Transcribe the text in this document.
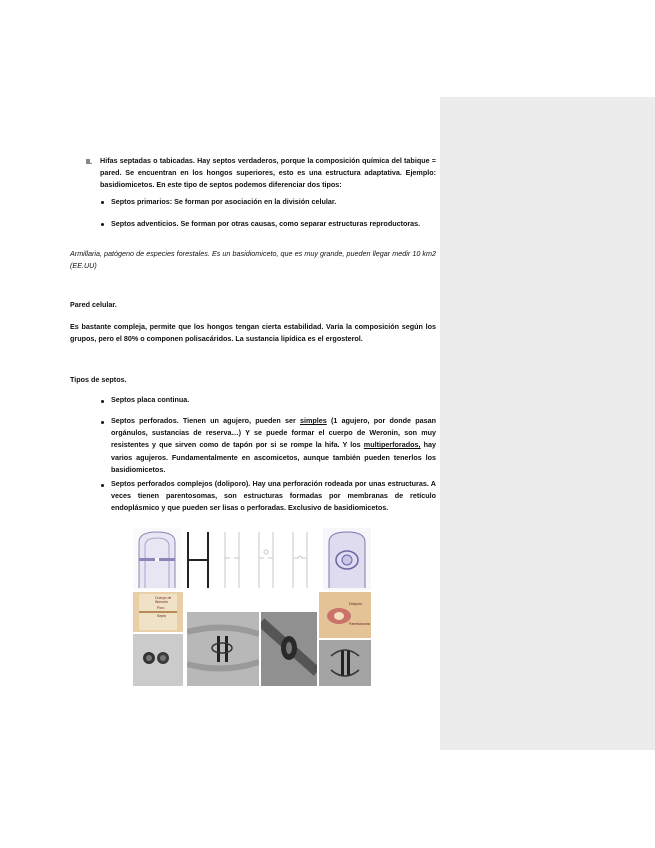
II. Hifas septadas o tabicadas. Hay septos verdaderos, porque la composición química del tabique = pared. Se encuentran en los hongos superiores, esto es una estructura adaptativa. Ejemplo: basidiomicetos. En este tipo de septos podemos diferenciar dos tipos:
Septos primarios: Se forman por asociación en la división celular.
Septos adventicios. Se forman por otras causas, como separar estructuras reproductoras.
Armillaria, patógeno de especies forestales. Es un basidiomiceto, que es muy grande, pueden llegar medir 10 km2 (EE.UU)
Pared celular.
Es bastante compleja, permite que los hongos tengan cierta estabilidad. Varía la composición según los grupos, pero el 80% o componen polisacáridos. La sustancia lipídica es el ergosterol.
Tipos de septos.
Septos placa continua.
Septos perforados. Tienen un agujero, pueden ser simples (1 agujero, por donde pasan orgánulos, sustancias de reserva…) Y se puede formar el cuerpo de Weronin, son muy resistentes y que sirven como de tapón por si se rompe la hifa. Y los multiperforados, hay varios agujeros. Fundamentalmente en ascomicetos, aunque también pueden tenerlos los basidiomicetos.
Septos perforados complejos (doliporo). Hay una perforación rodeada por unas estructuras. A veces tienen parentosomas, son estructuras formadas por membranas de retículo endoplásmico y que pueden ser lisas o perforadas. Exclusivo de basidiomicetos.
Cuerpo de Woronin
Poro
Septo
Dolíporo
Parentosoma
